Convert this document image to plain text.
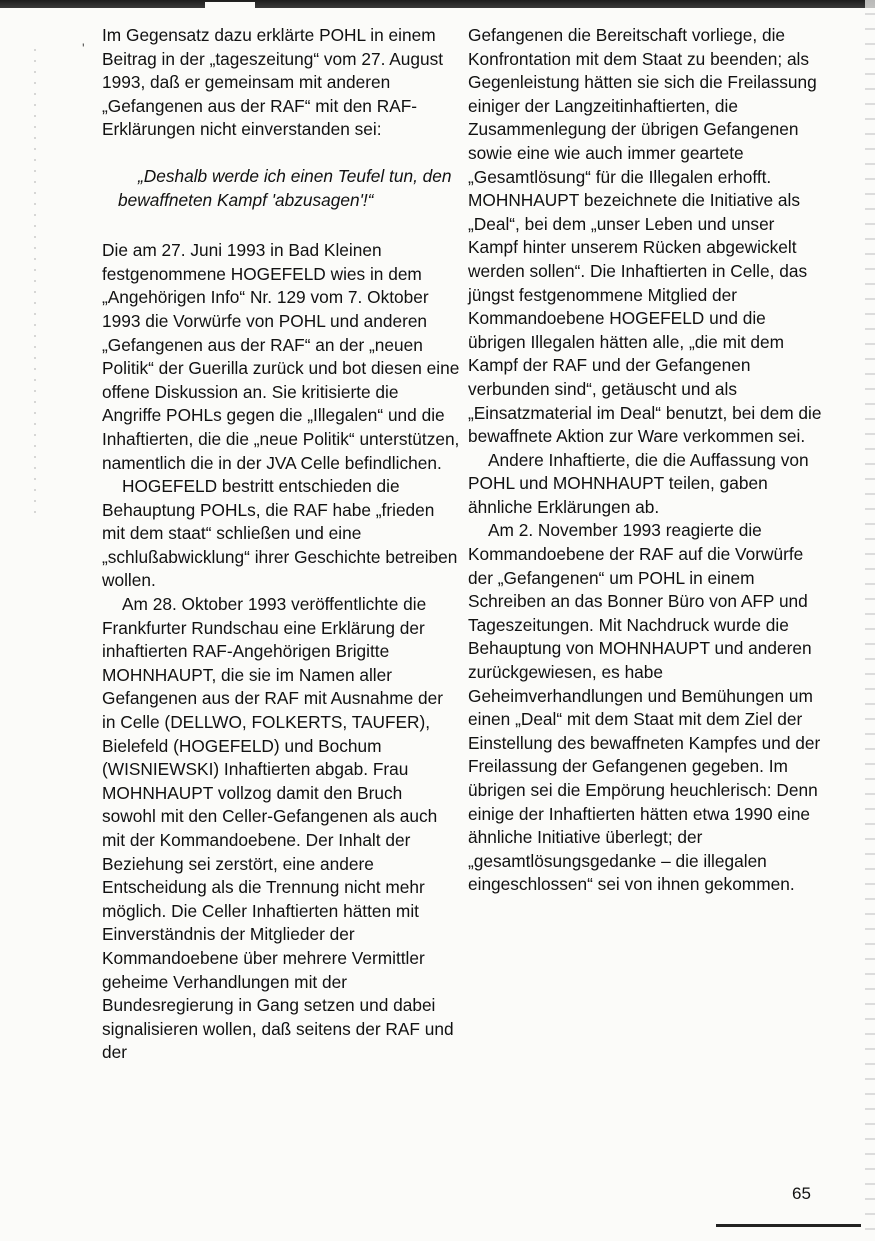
'

Im Gegensatz dazu erklärte POHL in einem Beitrag in der „tageszeitung“ vom 27. August 1993, daß er gemeinsam mit anderen „Gefangenen aus der RAF“ mit den RAF-Erklärungen nicht einverstanden sei:

„Deshalb werde ich einen Teufel tun, den bewaffneten Kampf 'abzusagen'!“

Die am 27. Juni 1993 in Bad Kleinen festgenommene HOGEFELD wies in dem „Angehörigen Info“ Nr. 129 vom 7. Oktober 1993 die Vorwürfe von POHL und anderen „Gefangenen aus der RAF“ an der „neuen Politik“ der Guerilla zurück und bot diesen eine offene Diskussion an. Sie kritisierte die Angriffe POHLs gegen die „Illegalen“ und die Inhaftierten, die die „neue Politik“ unterstützen, namentlich die in der JVA Celle befindlichen.

HOGEFELD bestritt entschieden die Behauptung POHLs, die RAF habe „frieden mit dem staat“ schließen und eine „schlußabwicklung“ ihrer Geschichte betreiben wollen.

Am 28. Oktober 1993 veröffentlichte die Frankfurter Rundschau eine Erklärung der inhaftierten RAF-Angehörigen Brigitte MOHNHAUPT, die sie im Namen aller Gefangenen aus der RAF mit Ausnahme der in Celle (DELLWO, FOLKERTS, TAUFER), Bielefeld (HOGEFELD) und Bochum (WISNIEWSKI) Inhaftierten abgab. Frau MOHNHAUPT vollzog damit den Bruch sowohl mit den Celler-Gefangenen als auch mit der Kommandoebene. Der Inhalt der Beziehung sei zerstört, eine andere Entscheidung als die Trennung nicht mehr möglich. Die Celler Inhaftierten hätten mit Einverständnis der Mitglieder der Kommandoebene über mehrere Vermittler geheime Verhandlungen mit der Bundesregierung in Gang setzen und dabei signalisieren wollen, daß seitens der RAF und der

Gefangenen die Bereitschaft vorliege, die Konfrontation mit dem Staat zu beenden; als Gegenleistung hätten sie sich die Freilassung einiger der Langzeitinhaftierten, die Zusammenlegung der übrigen Gefangenen sowie eine wie auch immer geartete „Gesamtlösung“ für die Illegalen erhofft. MOHNHAUPT bezeichnete die Initiative als „Deal“, bei dem „unser Leben und unser Kampf hinter unserem Rücken abgewickelt werden sollen“. Die Inhaftierten in Celle, das jüngst festgenommene Mitglied der Kommandoebene HOGEFELD und die übrigen Illegalen hätten alle, „die mit dem Kampf der RAF und der Gefangenen verbunden sind“, getäuscht und als „Einsatzmaterial im Deal“ benutzt, bei dem die bewaffnete Aktion zur Ware verkommen sei.

Andere Inhaftierte, die die Auffassung von POHL und MOHNHAUPT teilen, gaben ähnliche Erklärungen ab.

Am 2. November 1993 reagierte die Kommandoebene der RAF auf die Vorwürfe der „Gefangenen“ um POHL in einem Schreiben an das Bonner Büro von AFP und Tageszeitungen. Mit Nachdruck wurde die Behauptung von MOHNHAUPT und anderen zurückgewiesen, es habe Geheimverhandlungen und Bemühungen um einen „Deal“ mit dem Staat mit dem Ziel der Einstellung des bewaffneten Kampfes und der Freilassung der Gefangenen gegeben. Im übrigen sei die Empörung heuchlerisch: Denn einige der Inhaftierten hätten etwa 1990 eine ähnliche Initiative überlegt; der „gesamtlösungsgedanke – die illegalen eingeschlossen“ sei von ihnen gekommen.

65
